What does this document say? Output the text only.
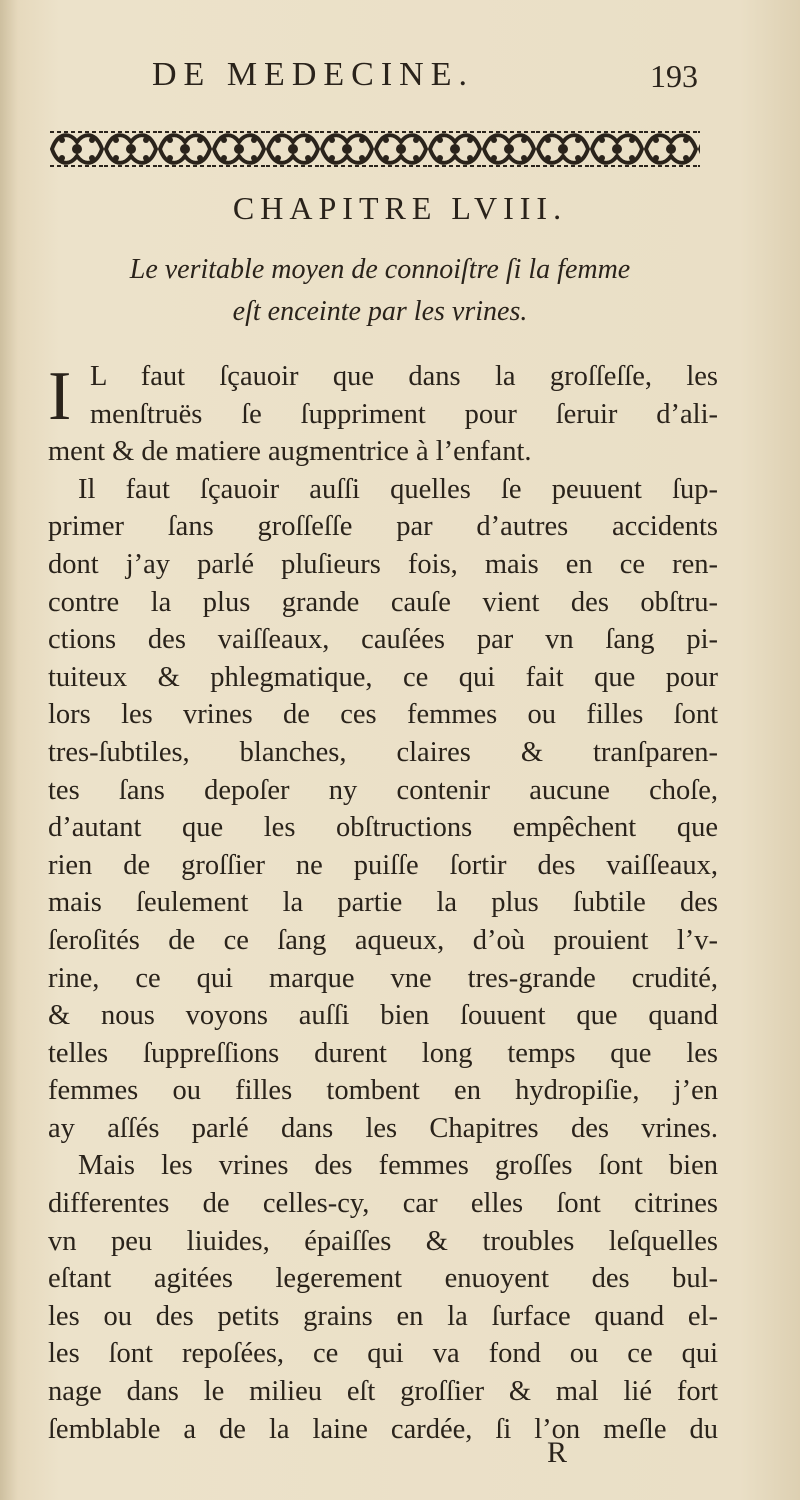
DE MEDECINE.	193
CHAPITRE LVIII.
Le veritable moyen de connoiſtre ſi la femme
eſt enceinte par les vrines.
I L faut ſçauoir que dans la groſſeſſe, les
menſtruës ſe ſuppriment pour ſeruir d’ali-
ment & de matiere augmentrice à l’enfant.
Il faut ſçauoir auſſi quelles ſe peuuent ſup-
primer ſans groſſeſſe par d’autres accidents
dont j’ay parlé pluſieurs fois, mais en ce ren-
contre la plus grande cauſe vient des obſtru-
ctions des vaiſſeaux, cauſées par vn ſang pi-
tuiteux & phlegmatique, ce qui fait que pour
lors les vrines de ces femmes ou filles ſont
tres-ſubtiles, blanches, claires & tranſparen-
tes ſans depoſer ny contenir aucune choſe,
d’autant que les obſtructions empêchent que
rien de groſſier ne puiſſe ſortir des vaiſſeaux,
mais ſeulement la partie la plus ſubtile des
ſeroſités de ce ſang aqueux, d’où prouient l’v-
rine, ce qui marque vne tres-grande crudité,
& nous voyons auſſi bien ſouuent que quand
telles ſuppreſſions durent long temps que les
femmes ou filles tombent en hydropiſie, j’en
ay aſſés parlé dans les Chapitres des vrines.
Mais les vrines des femmes groſſes ſont bien
differentes de celles-cy, car elles ſont citrines
vn peu liuides, épaiſſes & troubles leſquelles
eſtant agitées legerement enuoyent des bul-
les ou des petits grains en la ſurface quand el-
les ſont repoſées, ce qui va fond ou ce qui
nage dans le milieu eſt groſſier & mal lié fort
ſemblable a de la laine cardée, ſi l’on meſle du
R
